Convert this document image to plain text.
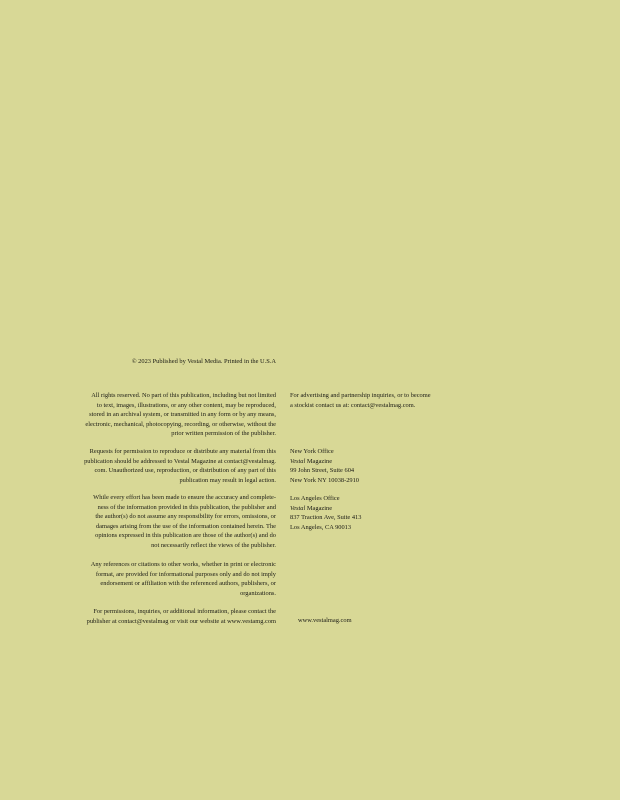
© 2023 Published by Vestal Media. Printed in the U.S.A

All rights reserved. No part of this publication, including but not limited
to text, images, illustrations, or any other content, may be reproduced,
stored in an archival system, or transmitted in any form or by any means,
electronic, mechanical, photocopying, recording, or otherwise, without the
prior written permission of the publisher.
Requests for permission to reproduce or distribute any material from this
publication should be addressed to Vestal Magazine at contact@vestalmag.
com. Unauthorized use, reproduction, or distribution of any part of this
publication may result in legal action.
While every effort has been made to ensure the accuracy and complete-
ness of the information provided in this publication, the publisher and
the author(s) do not assume any responsibility for errors, omissions, or
damages arising from the use of the information contained herein. The
opinions expressed in this publication are those of the author(s) and do
not necessarily reflect the views of the publisher.
Any references or citations to other works, whether in print or electronic
format, are provided for informational purposes only and do not imply
endorsement or affiliation with the referenced authors, publishers, or
organizations.
For permissions, inquiries, or additional information, please contact the
publisher at contact@vestalmag or visit our website at www.vestamg.com
For advertising and partnership inquiries, or to become
a stockist contact us at: contact@vestalmag.com.
New York Office
Vestal Magazine
99 John Street, Suite 604
New York NY 10038-2910
Los Angeles Office
Vestal Magazine
837 Traction Ave, Suite 413
Los Angeles, CA 90013

www.vestalmag.com
